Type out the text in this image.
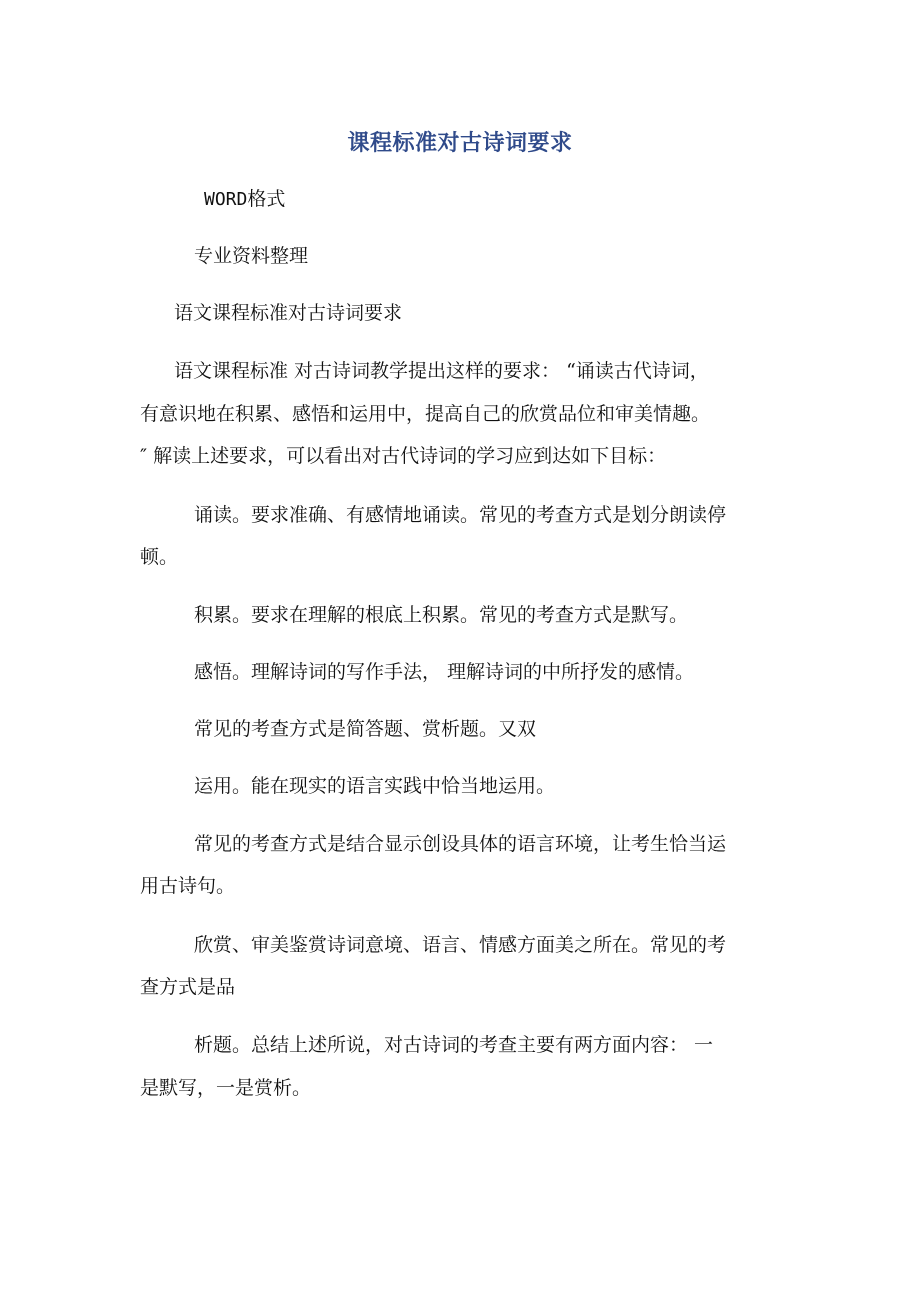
课程标准对古诗词要求
WORD格式
专业资料整理
语文课程标准对古诗词要求
语文课程标准 对古诗词教学提出这样的要求： “诵读古代诗词，
有意识地在积累、感悟和运用中，提高自己的欣赏品位和审美情趣。
″ 解读上述要求，可以看出对古代诗词的学习应到达如下目标：
诵读。要求准确、有感情地诵读。常见的考查方式是划分朗读停
顿。
积累。要求在理解的根底上积累。常见的考查方式是默写。
感悟。理解诗词的写作手法， 理解诗词的中所抒发的感情。
常见的考查方式是简答题、赏析题。又双
运用。能在现实的语言实践中恰当地运用。
常见的考查方式是结合显示创设具体的语言环境，让考生恰当运
用古诗句。
欣赏、审美鉴赏诗词意境、语言、情感方面美之所在。常见的考
查方式是品
析题。总结上述所说，对古诗词的考查主要有两方面内容： 一
是默写，一是赏析。
